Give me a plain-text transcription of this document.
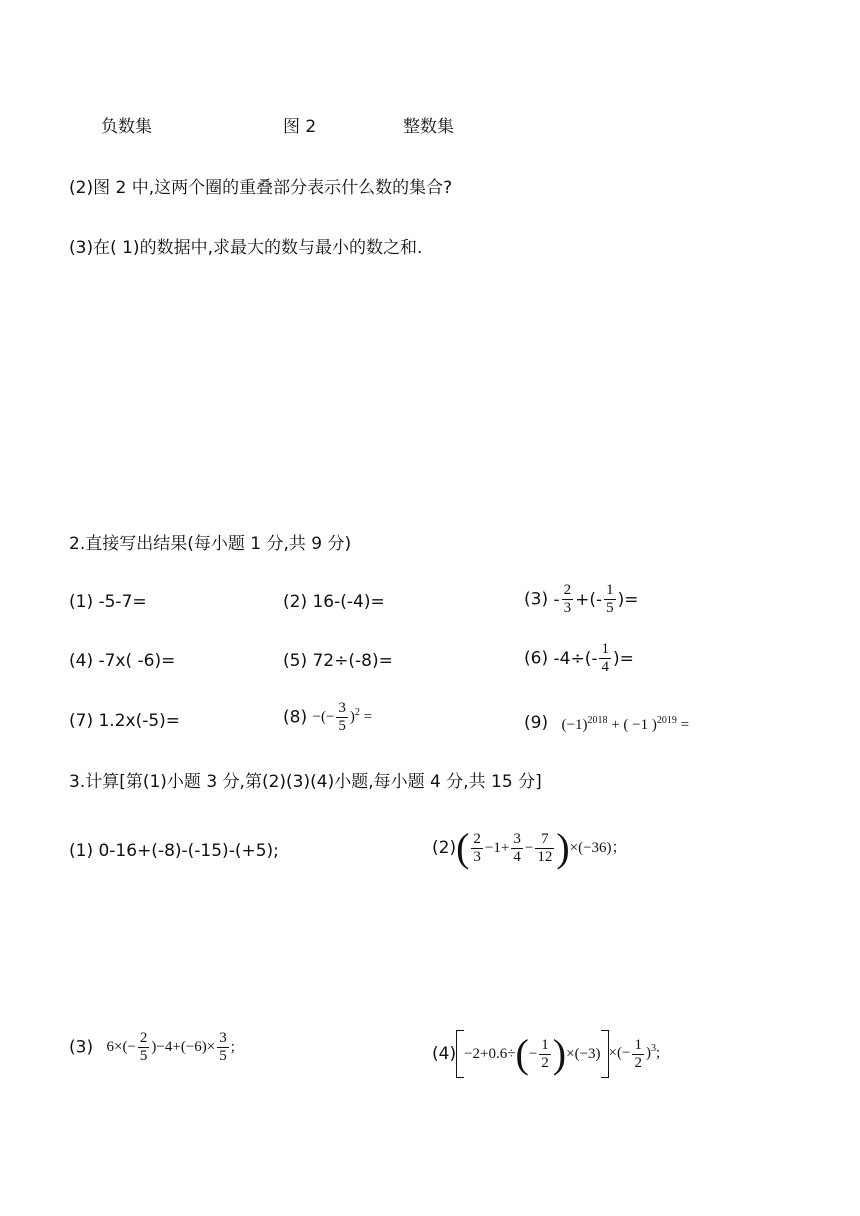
负数集	图 2	整数集
(2)图 2 中,这两个圈的重叠部分表示什么数的集合?
(3)在( 1)的数据中,求最大的数与最小的数之和.
2.直接写出结果(每小题 1 分,共 9 分)
(1) -5-7=	(2) 16-(-4)=	$(3) - \frac{2}{3}$ +(- $\frac{1}{5}$ )=
(4) -7x( -6)=	(5) 72÷(-8)=	(6) $-4\div(- \frac{1}{4}$ )=
(7) 1.2x(-5)=	(8) −(− $\frac{3}{5} )^2$ =	(9) $(-1)^{2018}$ + ( −1 )$^{2019}$ =
3.计算[第(1)小题 3 分,第(2)(3)(4)小题,每小题 4 分,共 15 分]
(1) 0-16+(-8)-(-15)-(+5);	$(2)( \frac{2}{3} -1+ \frac{3}{4} - \frac{7}{12} )\times(-36)$；
(3) $6\times(- \frac{2}{5} )-4+(-6)\times \frac{3}{5}$ ;	$(4) -2+0.6\div(- \frac{1}{2} )\times(-3)$ ×(− $\frac{1}{2} )^3$;
